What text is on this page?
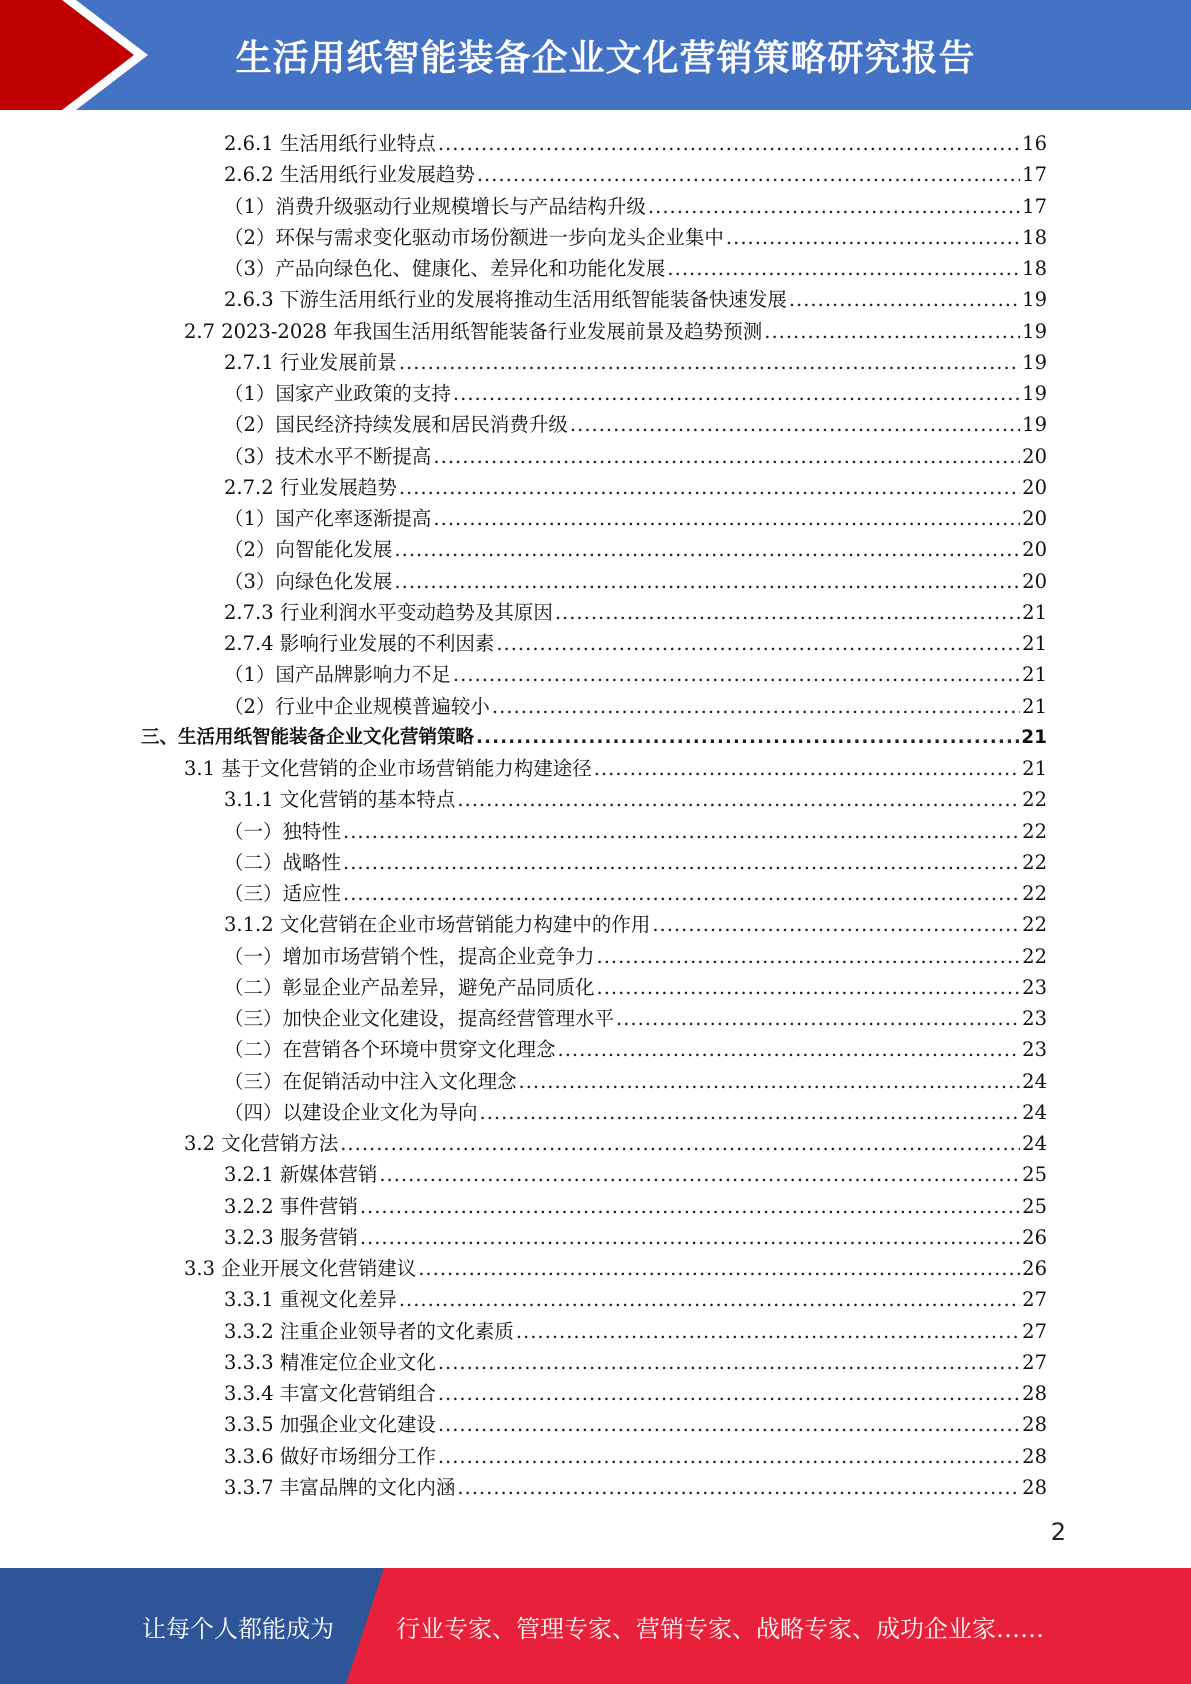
生活用纸智能装备企业文化营销策略研究报告
2.6.1 生活用纸行业特点 .....	16
2.6.2 生活用纸行业发展趋势 .....	17
（1）消费升级驱动行业规模增长与产品结构升级 .....	17
（2）环保与需求变化驱动市场份额进一步向龙头企业集中 .....	18
（3）产品向绿色化、健康化、差异化和功能化发展 .....	18
2.6.3 下游生活用纸行业的发展将推动生活用纸智能装备快速发展 .....	19
2.7 2023-2028 年我国生活用纸智能装备行业发展前景及趋势预测 .....	19
2.7.1 行业发展前景 .....	19
（1）国家产业政策的支持 .....	19
（2）国民经济持续发展和居民消费升级 .....	19
（3）技术水平不断提高 .....	20
2.7.2 行业发展趋势 .....	20
（1）国产化率逐渐提高 .....	20
（2）向智能化发展 .....	20
（3）向绿色化发展 .....	20
2.7.3 行业利润水平变动趋势及其原因 .....	21
2.7.4 影响行业发展的不利因素 .....	21
（1）国产品牌影响力不足 .....	21
（2）行业中企业规模普遍较小 .....	21
三、生活用纸智能装备企业文化营销策略 .....	21
3.1 基于文化营销的企业市场营销能力构建途径 .....	21
3.1.1 文化营销的基本特点 .....	22
（一）独特性 .....	22
（二）战略性 .....	22
（三）适应性 .....	22
3.1.2 文化营销在企业市场营销能力构建中的作用 .....	22
（一）增加市场营销个性，提高企业竞争力 .....	22
（二）彰显企业产品差异，避免产品同质化 .....	23
（三）加快企业文化建设，提高经营管理水平 .....	23
（二）在营销各个环境中贯穿文化理念 .....	23
（三）在促销活动中注入文化理念 .....	24
（四）以建设企业文化为导向 .....	24
3.2 文化营销方法 .....	24
3.2.1 新媒体营销 .....	25
3.2.2 事件营销 .....	25
3.2.3 服务营销 .....	26
3.3 企业开展文化营销建议 .....	26
3.3.1 重视文化差异 .....	27
3.3.2 注重企业领导者的文化素质 .....	27
3.3.3 精准定位企业文化 .....	27
3.3.4 丰富文化营销组合 .....	28
3.3.5 加强企业文化建设 .....	28
3.3.6 做好市场细分工作 .....	28
3.3.7 丰富品牌的文化内涵 .....	28
2
让每个人都能成为	行业专家、管理专家、营销专家、战略专家、成功企业家……
